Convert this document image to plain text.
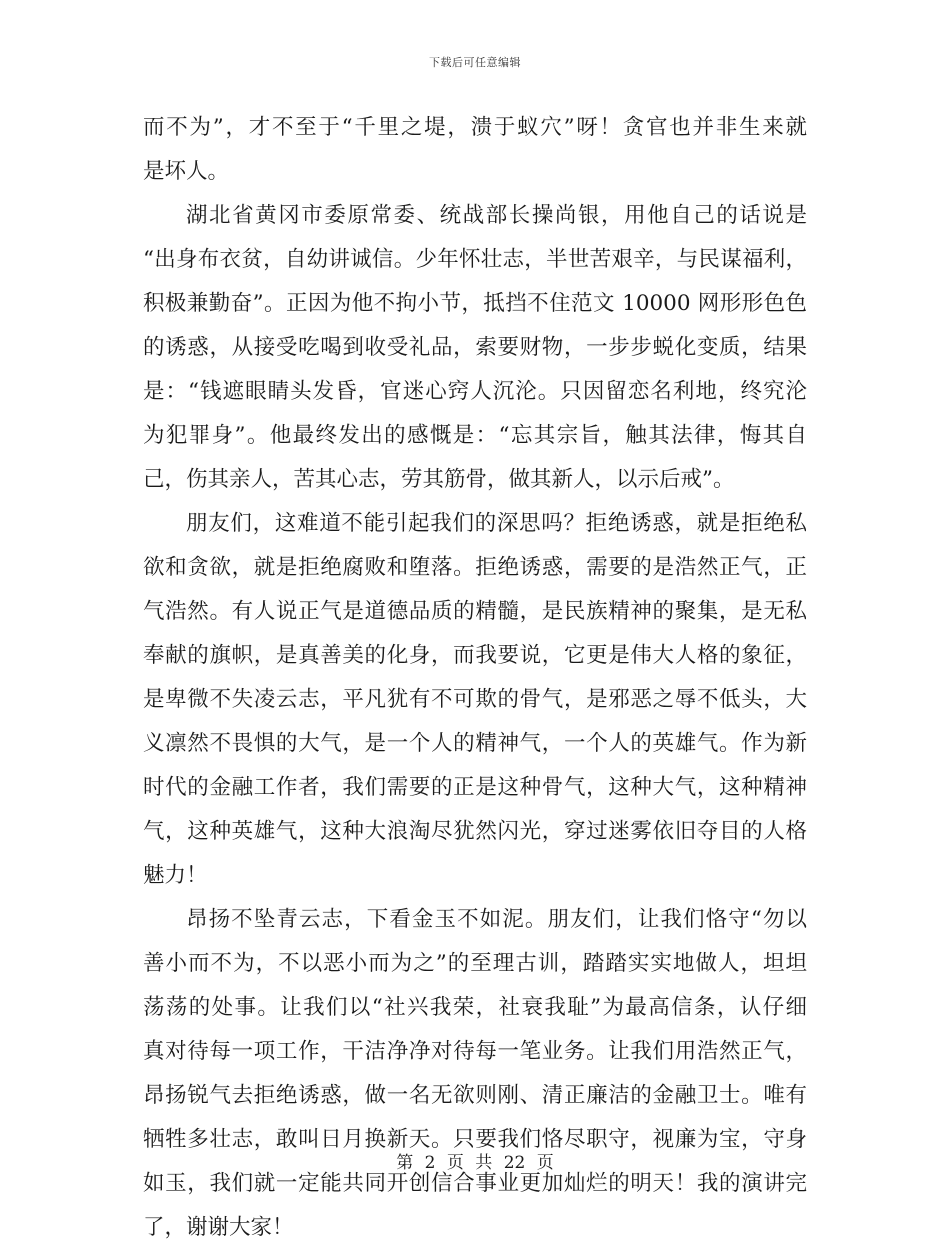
下载后可任意编辑
而不为”，才不至于“千里之堤，溃于蚁穴”呀！贪官也并非生来就
是坏人。
湖北省黄冈市委原常委、统战部长操尚银，用他自己的话说是
“出身布衣贫，自幼讲诚信。少年怀壮志，半世苦艰辛，与民谋福利，
积极兼勤奋”。正因为他不拘小节，抵挡不住范文 10000 网形形色色
的诱惑，从接受吃喝到收受礼品，索要财物，一步步蜕化变质，结果
是：“钱遮眼睛头发昏，官迷心窍人沉沦。只因留恋名利地，终究沦
为犯罪身”。他最终发出的感慨是：“忘其宗旨，触其法律，悔其自
己，伤其亲人，苦其心志，劳其筋骨，做其新人，以示后戒”。
朋友们，这难道不能引起我们的深思吗？拒绝诱惑，就是拒绝私
欲和贪欲，就是拒绝腐败和堕落。拒绝诱惑，需要的是浩然正气，正
气浩然。有人说正气是道德品质的精髓，是民族精神的聚集，是无私
奉献的旗帜，是真善美的化身，而我要说，它更是伟大人格的象征，
是卑微不失凌云志，平凡犹有不可欺的骨气，是邪恶之辱不低头，大
义凛然不畏惧的大气，是一个人的精神气，一个人的英雄气。作为新
时代的金融工作者，我们需要的正是这种骨气，这种大气，这种精神
气，这种英雄气，这种大浪淘尽犹然闪光，穿过迷雾依旧夺目的人格
魅力！
昂扬不坠青云志，下看金玉不如泥。朋友们，让我们恪守“勿以
善小而不为，不以恶小而为之”的至理古训，踏踏实实地做人，坦坦
荡荡的处事。让我们以“社兴我荣，社衰我耻”为最高信条，认仔细
真对待每一项工作，干洁净净对待每一笔业务。让我们用浩然正气，
昂扬锐气去拒绝诱惑，做一名无欲则刚、清正廉洁的金融卫士。唯有
牺牲多壮志，敢叫日月换新天。只要我们恪尽职守，视廉为宝，守身
如玉，我们就一定能共同开创信合事业更加灿烂的明天！我的演讲完
了，谢谢大家！
第 2 页 共 22 页
